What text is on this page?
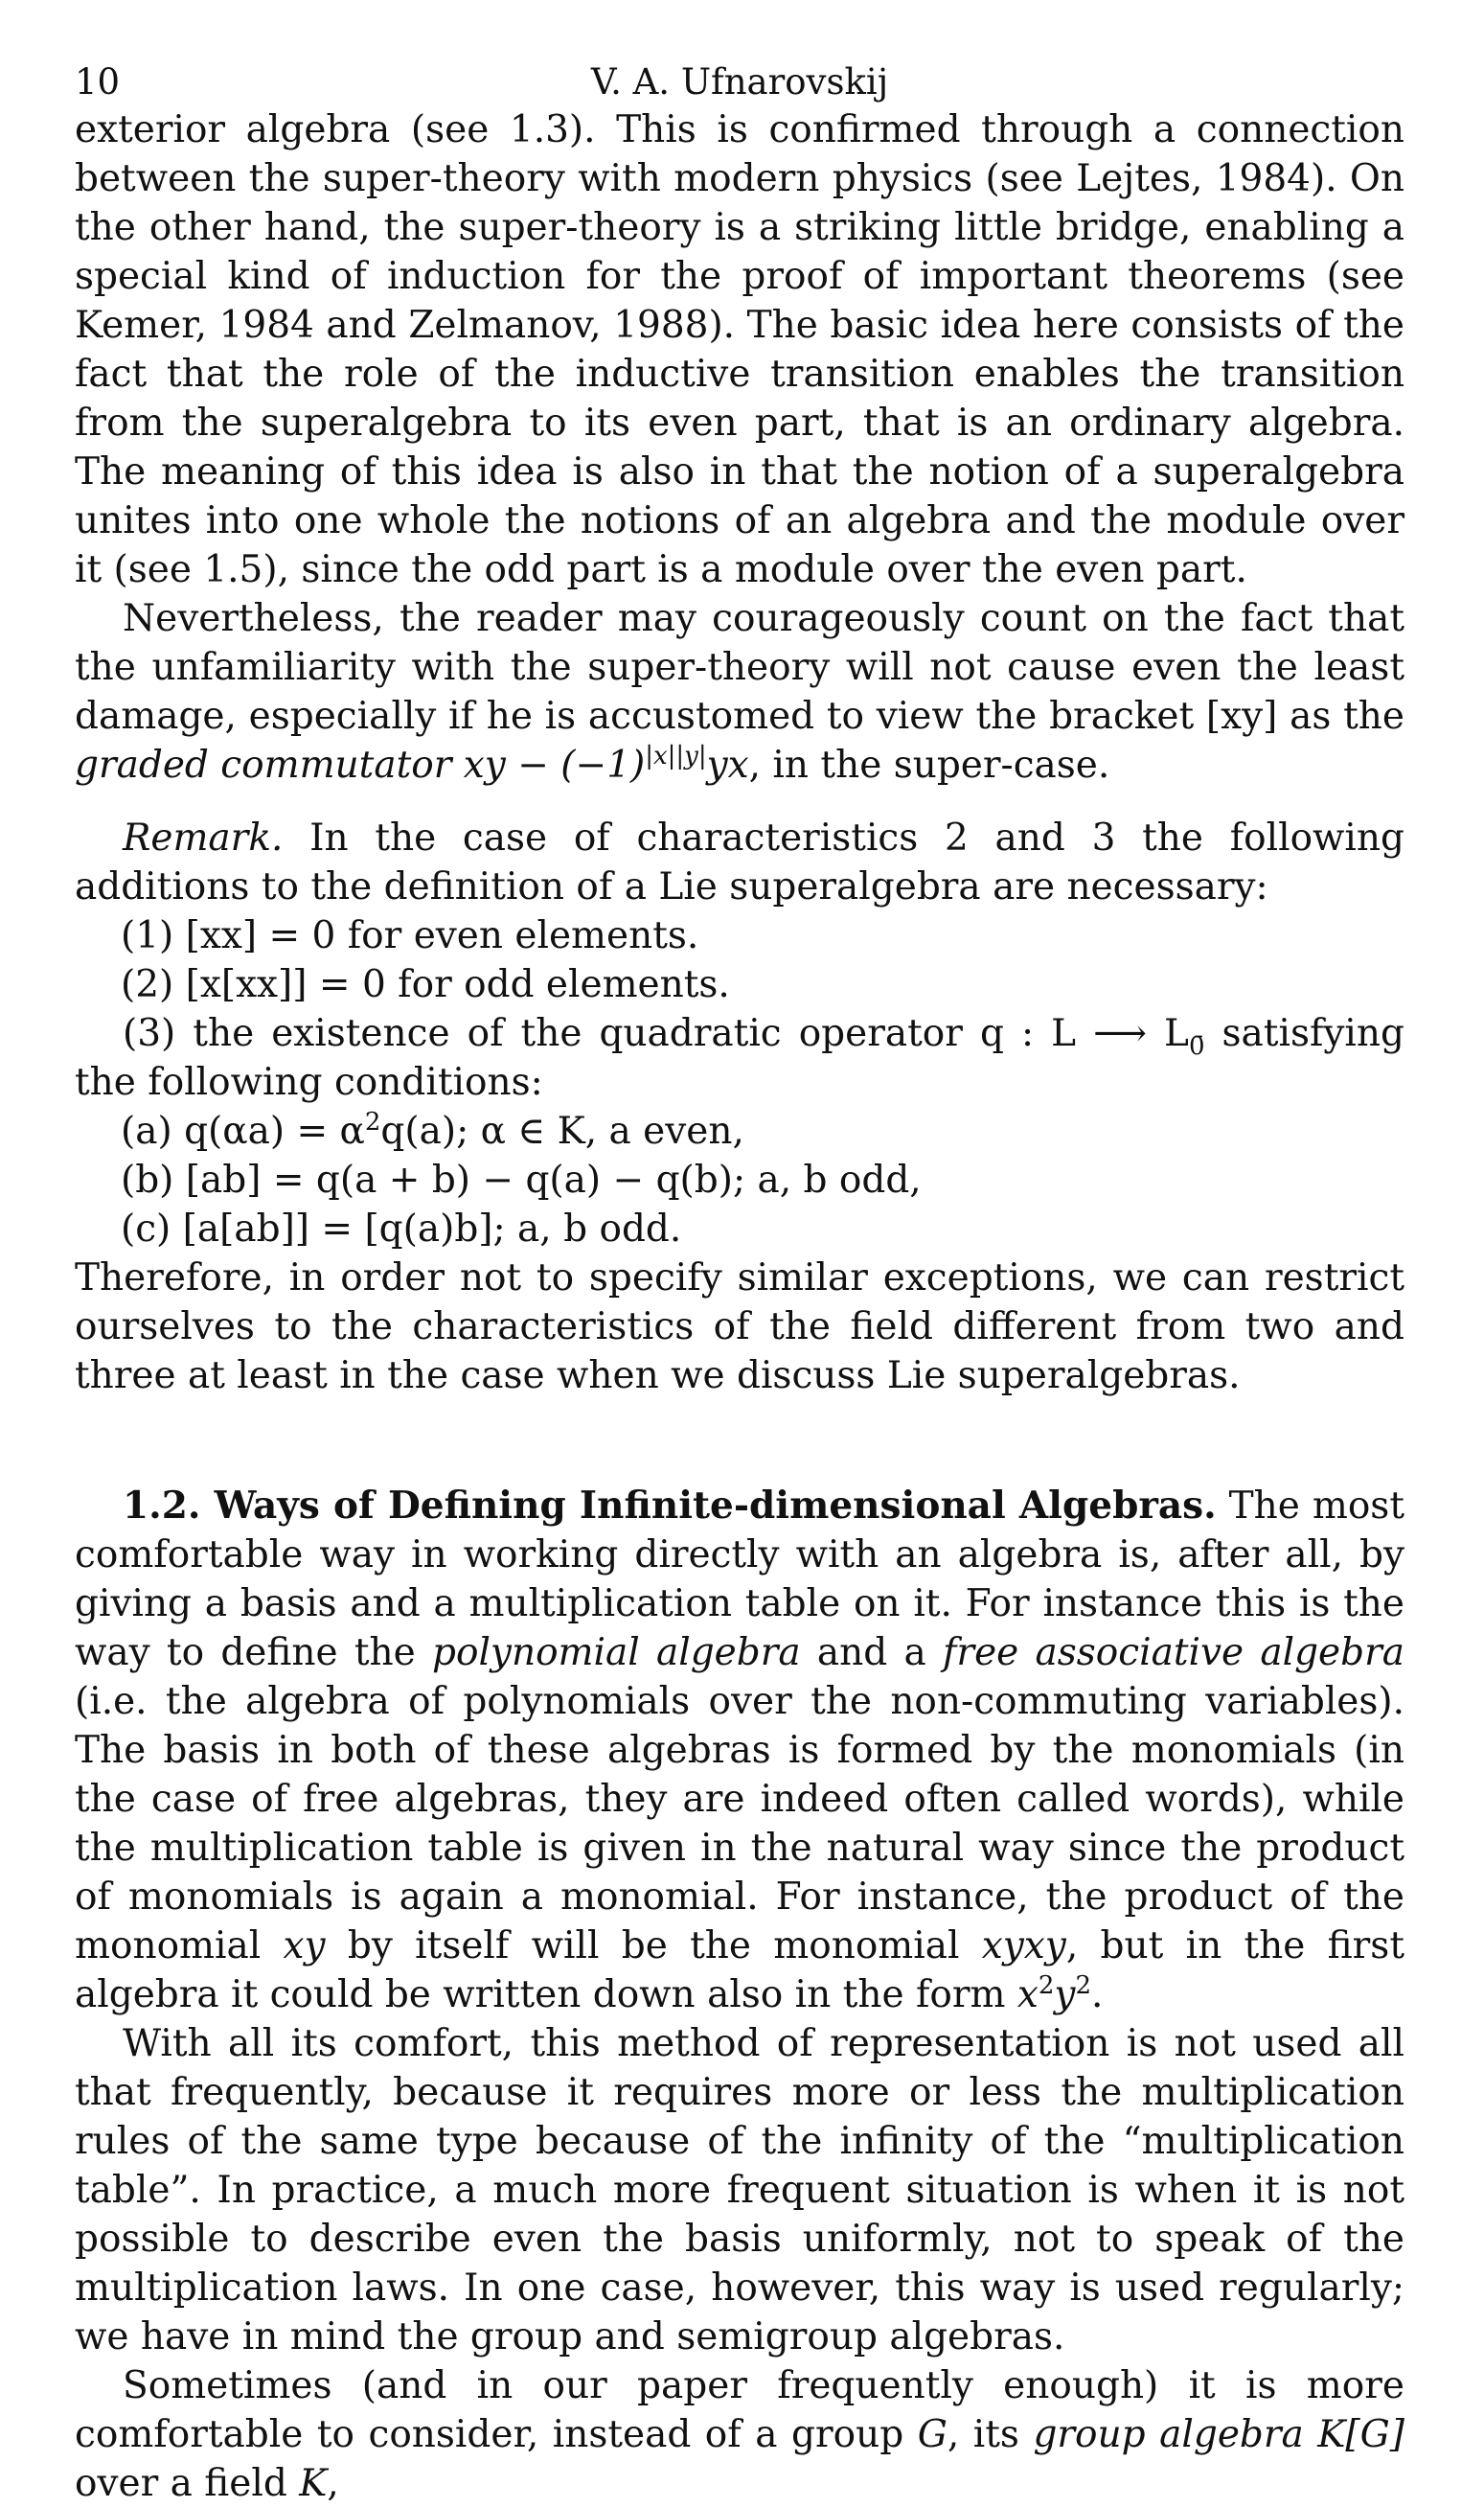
10	V. A. Ufnarovskij

exterior algebra (see 1.3). This is confirmed through a connection between the super-theory with modern physics (see Lejtes, 1984). On the other hand, the super-theory is a striking little bridge, enabling a special kind of induction for the proof of important theorems (see Kemer, 1984 and Zelmanov, 1988). The basic idea here consists of the fact that the role of the inductive transition enables the transition from the superalgebra to its even part, that is an ordinary algebra. The meaning of this idea is also in that the notion of a superalgebra unites into one whole the notions of an algebra and the module over it (see 1.5), since the odd part is a module over the even part.

Nevertheless, the reader may courageously count on the fact that the unfamiliarity with the super-theory will not cause even the least damage, especially if he is accustomed to view the bracket [xy] as the graded commutator xy − $(-1)^{|x||y|}yx$, in the super-case.

Remark. In the case of characteristics 2 and 3 the following additions to the definition of a Lie superalgebra are necessary:

(1) [xx] = 0 for even elements.

(2) [x[xx]] = 0 for odd elements.

(3) the existence of the quadratic operator q : L ⟶ $L_{0̄}$ satisfying the following conditions:

(a) $q(\alpha a) = \alpha^2q(a)$; α ∈ K, a even,

(b) [ab] = q(a + b) − q(a) − q(b); a, b odd,

(c) [a[ab]] = [q(a)b]; a, b odd.

Therefore, in order not to specify similar exceptions, we can restrict ourselves to the characteristics of the field different from two and three at least in the case when we discuss Lie superalgebras.

1.2. Ways of Defining Infinite-dimensional Algebras. The most comfortable way in working directly with an algebra is, after all, by giving a basis and a multiplication table on it. For instance this is the way to define the polynomial algebra and a free associative algebra (i.e. the algebra of polynomials over the non-commuting variables). The basis in both of these algebras is formed by the monomials (in the case of free algebras, they are indeed often called words), while the multiplication table is given in the natural way since the product of monomials is again a monomial. For instance, the product of the monomial xy by itself will be the monomial xyxy, but in the first algebra it could be written down also in the form $x^2y^2$.

With all its comfort, this method of representation is not used all that frequently, because it requires more or less the multiplication rules of the same type because of the infinity of the “multiplication table”. In practice, a much more frequent situation is when it is not possible to describe even the basis uniformly, not to speak of the multiplication laws. In one case, however, this way is used regularly; we have in mind the group and semigroup algebras.

Sometimes (and in our paper frequently enough) it is more comfortable to consider, instead of a group G, its group algebra K[G] over a field K,
